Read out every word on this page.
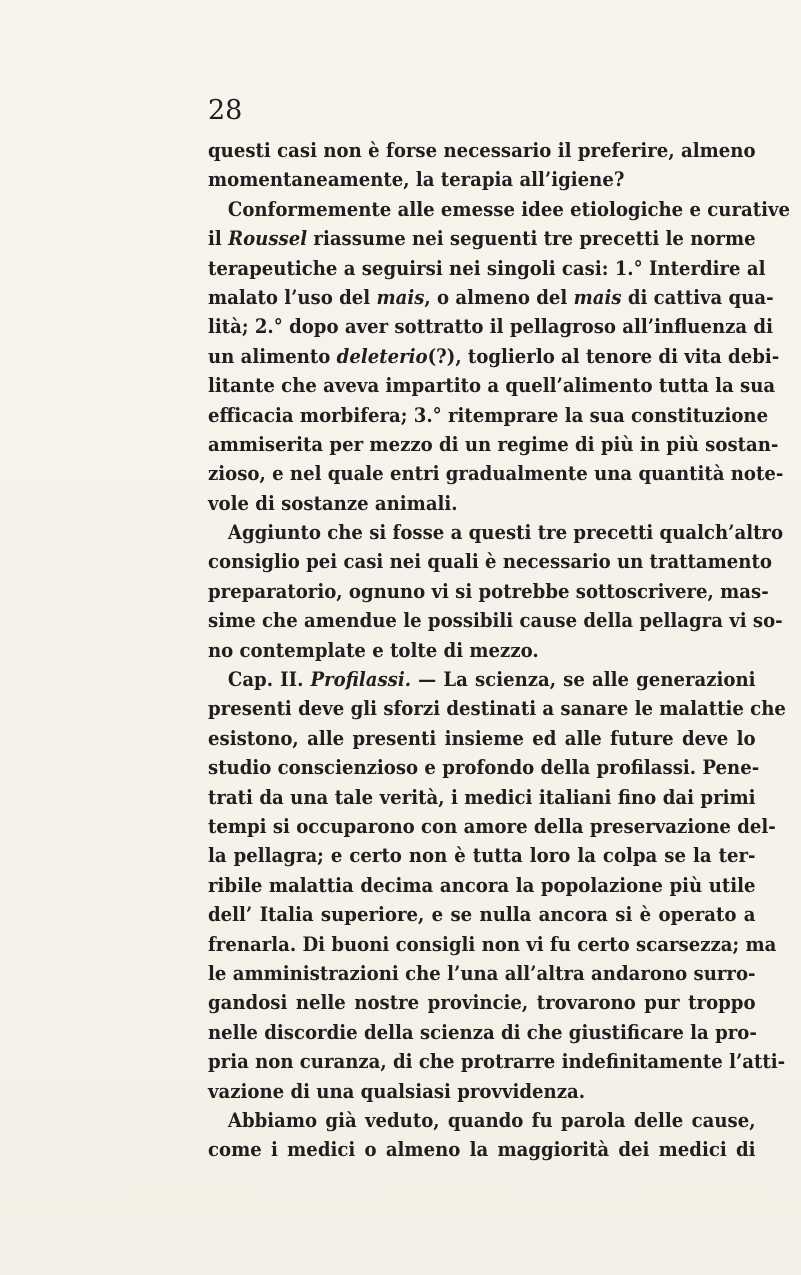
28
questi casi non è forse necessario il preferire, almeno
momentaneamente, la terapia all’igiene?
Conformemente alle emesse idee etiologiche e curative
il Roussel riassume nei seguenti tre precetti le norme
terapeutiche a seguirsi nei singoli casi: 1.° Interdire al
malato l’uso del mais, o almeno del mais di cattiva qua-
lità; 2.° dopo aver sottratto il pellagroso all’influenza di
un alimento deleterio(?), toglierlo al tenore di vita debi-
litante che aveva impartito a quell’alimento tutta la sua
efficacia morbifera; 3.° ritemprare la sua constituzione
ammiserita per mezzo di un regime di più in più sostan-
zioso, e nel quale entri gradualmente una quantità note-
vole di sostanze animali.
Aggiunto che si fosse a questi tre precetti qualch’altro
consiglio pei casi nei quali è necessario un trattamento
preparatorio, ognuno vi si potrebbe sottoscrivere, mas-
sime che amendue le possibili cause della pellagra vi so-
no contemplate e tolte di mezzo.
Cap. II. Profilassi. — La scienza, se alle generazioni
presenti deve gli sforzi destinati a sanare le malattie che
esistono, alle presenti insieme ed alle future deve lo
studio conscienzioso e profondo della profilassi. Pene-
trati da una tale verità, i medici italiani fino dai primi
tempi si occuparono con amore della preservazione del-
la pellagra; e certo non è tutta loro la colpa se la ter-
ribile malattia decima ancora la popolazione più utile
dell’ Italia superiore, e se nulla ancora si è operato a
frenarla. Di buoni consigli non vi fu certo scarsezza; ma
le amministrazioni che l’una all’altra andarono surro-
gandosi nelle nostre provincie, trovarono pur troppo
nelle discordie della scienza di che giustificare la pro-
pria non curanza, di che protrarre indefinitamente l’atti-
vazione di una qualsiasi provvidenza.
Abbiamo già veduto, quando fu parola delle cause,
come i medici o almeno la maggiorità dei medici di
